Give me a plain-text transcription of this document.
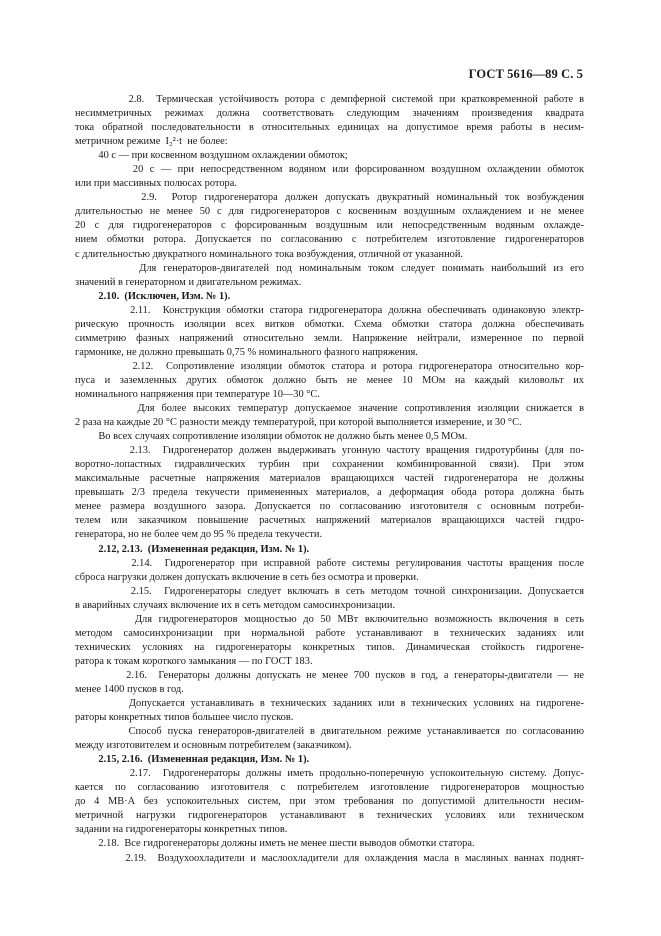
ГОСТ 5616—89 С. 5
2.8.  Термическая устойчивость ротора с демпферной системой при кратковременной работе в
несимметричных режимах должна соответствовать следующим значениям произведения квадрата
тока обратной последовательности в относительных единицах на допустимое время работы в несим-
метричном режиме  I₂²·t  не более:
40 с — при косвенном воздушном охлаждении обмоток;
20 с — при непосредственном водяном или форсированном воздушном охлаждении обмоток
или при массивных полюсах ротора.
2.9.  Ротор гидрогенератора должен допускать двукратный номинальный ток возбуждения
длительностью не менее 50 с для гидрогенераторов с косвенным воздушным охлаждением и не менее
20 с для гидрогенераторов с форсированным воздушным или непосредственным водяным охлажде-
нием обмотки ротора. Допускается по согласованию с потребителем изготовление гидрогенераторов
с длительностью двукратного номинального тока возбуждения, отличной от указанной.
Для генераторов-двигателей под номинальным током следует понимать наибольший из его
значений в генераторном и двигательном режимах.
2.10.  (Исключен, Изм. № 1).
2.11.  Конструкция обмотки статора гидрогенератора должна обеспечивать одинаковую электр-
рическую прочность изоляции всех витков обмотки. Схема обмотки статора должна обеспечивать
симметрию фазных напряжений относительно земли. Напряжение нейтрали, измеренное по первой
гармонике, не должно превышать 0,75 % номинального фазного напряжения.
2.12.  Сопротивление изоляции обмоток статора и ротора гидрогенератора относительно кор-
пуса и заземленных других обмоток должно быть не менее 10 МОм на каждый киловольт их
номинального напряжения при температуре 10—30 °С.
Для более высоких температур допускаемое значение сопротивления изоляции снижается в
2 раза на каждые 20 °С разности между температурой, при которой выполняется измерение, и 30 °С.
Во всех случаях сопротивление изоляции обмоток не должно быть менее 0,5 МОм.
2.13.  Гидрогенератор должен выдерживать угонную частоту вращения гидротурбины (для по-
воротно-лопастных гидравлических турбин при сохранении комбинированной связи). При этом
максимальные расчетные напряжения материалов вращающихся частей гидрогенератора не должны
превышать 2/3 предела текучести примененных материалов, а деформация обода ротора должна быть
менее размера воздушного зазора. Допускается по согласованию изготовителя с основным потреби-
телем или заказчиком повышение расчетных напряжений материалов вращающихся частей гидро-
генератора, но не более чем до 95 % предела текучести.
2.12, 2.13.  (Измененная редакция, Изм. № 1).
2.14.  Гидрогенератор при исправной работе системы регулирования частоты вращения после
сброса нагрузки должен допускать включение в сеть без осмотра и проверки.
2.15.  Гидрогенераторы следует включать в сеть методом точной синхронизации. Допускается
в аварийных случаях включение их в сеть методом самосинхронизации.
Для гидрогенераторов мощностью до 50 МВт включительно возможность включения в сеть
методом самосинхронизации при нормальной работе устанавливают в технических заданиях или
технических условиях на гидрогенераторы конкретных типов. Динамическая стойкость гидрогене-
ратора к токам короткого замыкания — по ГОСТ 183.
2.16.  Генераторы должны допускать не менее 700 пусков в год, а генераторы-двигатели — не
менее 1400 пусков в год.
Допускается устанавливать в технических заданиях или в технических условиях на гидрогене-
раторы конкретных типов большее число пусков.
Способ пуска генераторов-двигателей в двигательном режиме устанавливается по согласованию
между изготовителем и основным потребителем (заказчиком).
2.15, 2.16.  (Измененная редакция, Изм. № 1).
2.17.  Гидрогенераторы должны иметь продольно-поперечную успокоительную систему. Допус-
кается по согласованию изготовителя с потребителем изготовление гидрогенераторов мощностью
до 4 МВ·А без успокоительных систем, при этом требования по допустимой длительности несим-
метричной нагрузки гидрогенераторов устанавливают в технических условиях или техническом
задании на гидрогенераторы конкретных типов.
2.18.  Все гидрогенераторы должны иметь не менее шести выводов обмотки статора.
2.19.  Воздухоохладители и маслоохладители для охлаждения масла в масляных ваннах поднят-
